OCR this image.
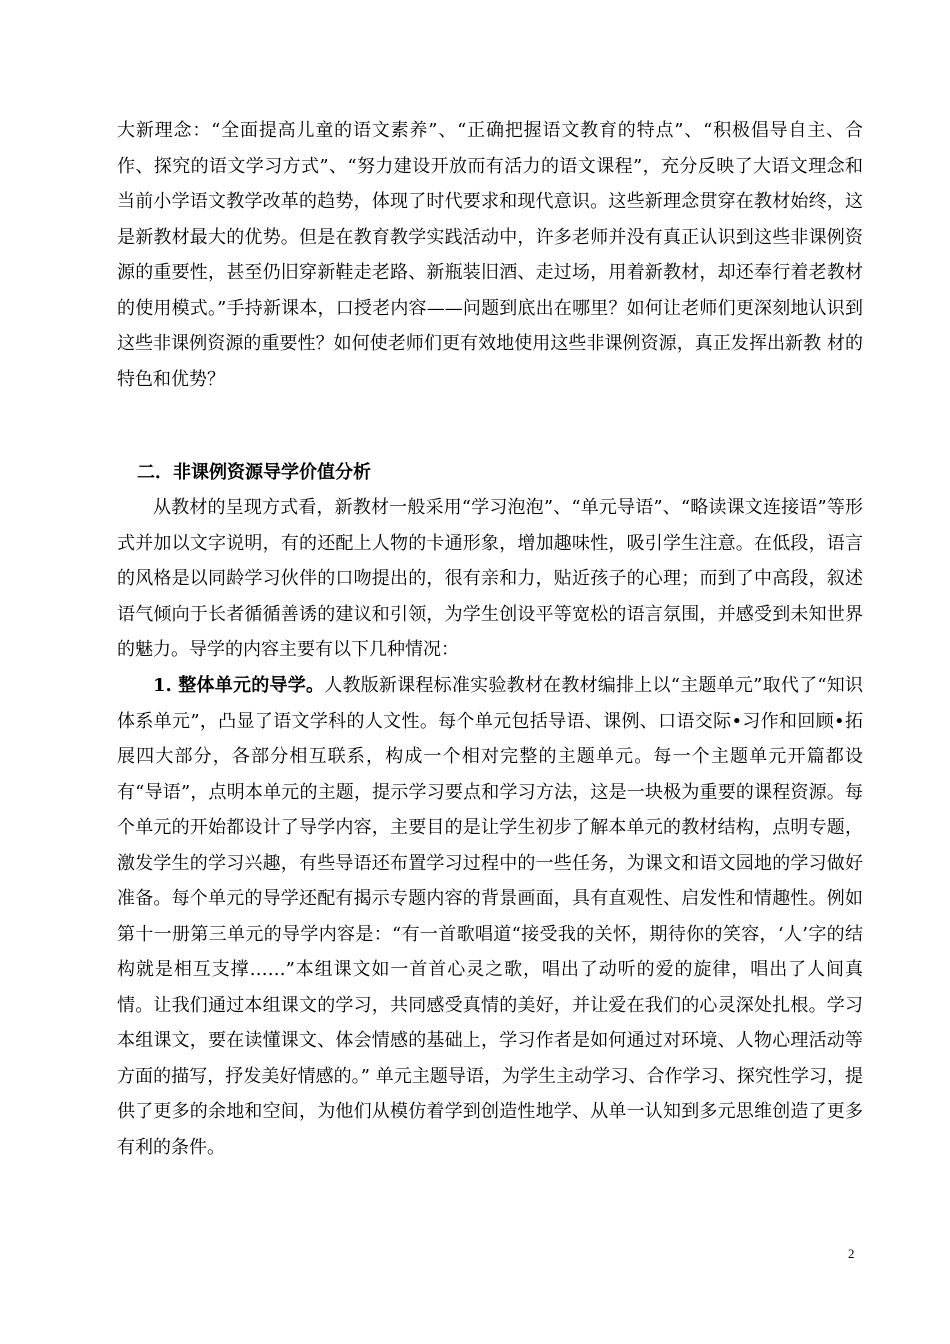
大新理念：“全面提高儿童的语文素养”、“正确把握语文教育的特点”、“积极倡导自主、合作、探究的语文学习方式”、“努力建设开放而有活力的语文课程”，充分反映了大语文理念和当前小学语文教学改革的趋势，体现了时代要求和现代意识。这些新理念贯穿在教材始终，这是新教材最大的优势。但是在教育教学实践活动中，许多老师并没有真正认识到这些非课例资源的重要性，甚至仍旧穿新鞋走老路、新瓶装旧酒、走过场，用着新教材，却还奉行着老教材的使用模式。”手持新课本，口授老内容——问题到底出在哪里？如何让老师们更深刻地认识到这些非课例资源的重要性？如何使老师们更有效地使用这些非课例资源，真正发挥出新教 材的特色和优势？

二．非课例资源导学价值分析

从教材的呈现方式看，新教材一般采用“学习泡泡”、“单元导语”、“略读课文连接语”等形式并加以文字说明，有的还配上人物的卡通形象，增加趣味性，吸引学生注意。在低段，语言的风格是以同龄学习伙伴的口吻提出的，很有亲和力，贴近孩子的心理；而到了中高段，叙述语气倾向于长者循循善诱的建议和引领，为学生创设平等宽松的语言氛围，并感受到未知世界的魅力。导学的内容主要有以下几种情况：

1. 整体单元的导学。人教版新课程标准实验教材在教材编排上以“主题单元”取代了“知识体系单元”，凸显了语文学科的人文性。每个单元包括导语、课例、口语交际•习作和回顾•拓展四大部分，各部分相互联系，构成一个相对完整的主题单元。每一个主题单元开篇都设有“导语”，点明本单元的主题，提示学习要点和学习方法，这是一块极为重要的课程资源。每个单元的开始都设计了导学内容，主要目的是让学生初步了解本单元的教材结构，点明专题，激发学生的学习兴趣，有些导语还布置学习过程中的一些任务，为课文和语文园地的学习做好准备。每个单元的导学还配有揭示专题内容的背景画面，具有直观性、启发性和情趣性。例如第十一册第三单元的导学内容是：“有一首歌唱道“接受我的关怀，期待你的笑容，‘人’字的结构就是相互支撑……”本组课文如一首首心灵之歌，唱出了动听的爱的旋律，唱出了人间真情。让我们通过本组课文的学习，共同感受真情的美好，并让爱在我们的心灵深处扎根。学习本组课文，要在读懂课文、体会情感的基础上，学习作者是如何通过对环境、人物心理活动等方面的描写，抒发美好情感的。” 单元主题导语，为学生主动学习、合作学习、探究性学习，提供了更多的余地和空间，为他们从模仿着学到创造性地学、从单一认知到多元思维创造了更多有利的条件。

2
